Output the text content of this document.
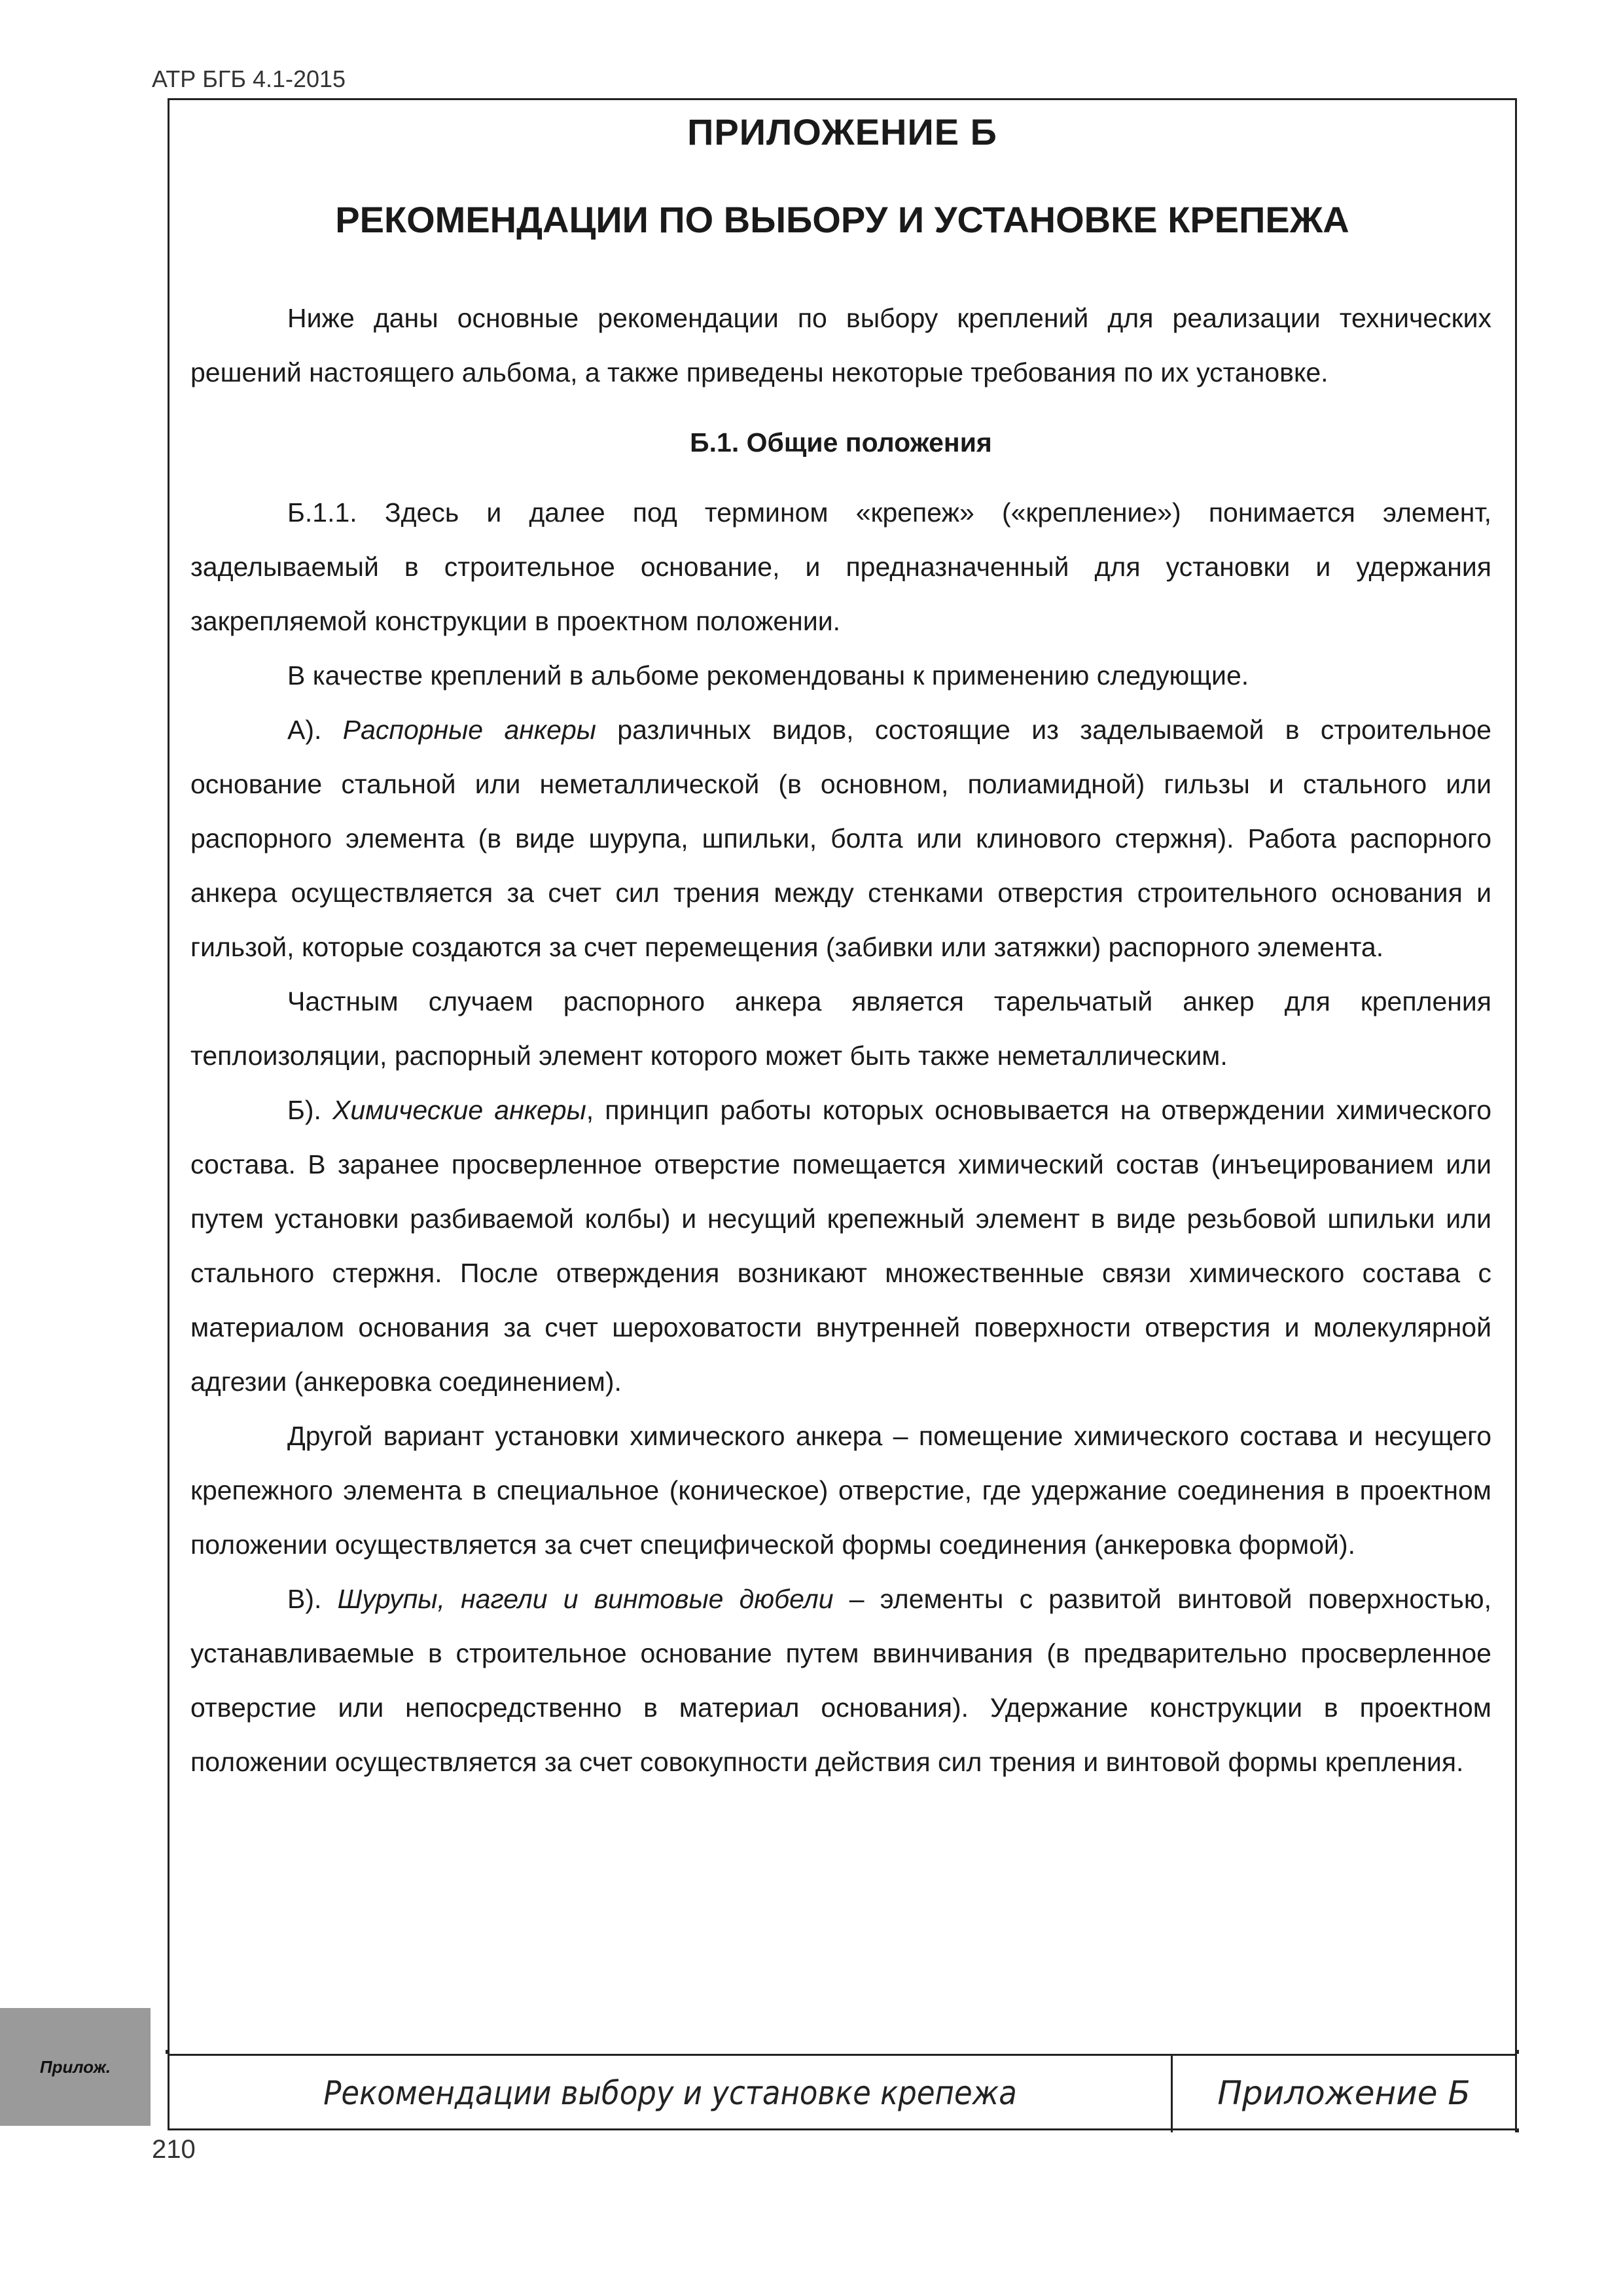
АТР БГБ 4.1-2015
ПРИЛОЖЕНИЕ Б
РЕКОМЕНДАЦИИ ПО ВЫБОРУ И УСТАНОВКЕ КРЕПЕЖА

Ниже даны основные рекомендации по выбору креплений для реализации технических решений настоящего альбома, а также приведены некоторые требования по их установке.

Б.1. Общие положения

Б.1.1. Здесь и далее под термином «крепеж» («крепление») понимается элемент, заделываемый в строительное основание, и предназначенный для установки и удержания закрепляемой конструкции в проектном положении.

В качестве креплений в альбоме рекомендованы к применению следующие.

А). Распорные анкеры различных видов, состоящие из заделываемой в строительное основание стальной или неметаллической (в основном, полиамидной) гильзы и стального или распорного элемента (в виде шурупа, шпильки, болта или клинового стержня). Работа распорного анкера осуществляется за счет сил трения между стенками отверстия строительного основания и гильзой, которые создаются за счет перемещения (забивки или затяжки) распорного элемента.

Частным случаем распорного анкера является тарельчатый анкер для крепления теплоизоляции, распорный элемент которого может быть также неметаллическим.

Б). Химические анкеры, принцип работы которых основывается на отверждении химического состава. В заранее просверленное отверстие помещается химический состав (инъецированием или путем установки разбиваемой колбы) и несущий крепежный элемент в виде резьбовой шпильки или стального стержня. После отверждения возникают множественные связи химического состава с материалом основания за счет шероховатости внутренней поверхности отверстия и молекулярной адгезии (анкеровка соединением).

Другой вариант установки химического анкера – помещение химического состава и несущего крепежного элемента в специальное (коническое) отверстие, где удержание соединения в проектном положении осуществляется за счет специфической формы соединения (анкеровка формой).

В). Шурупы, нагели и винтовые дюбели – элементы с развитой винтовой поверхностью, устанавливаемые в строительное основание путем ввинчивания (в предварительно просверленное отверстие или непосредственно в материал основания). Удержание конструкции в проектном положении осуществляется за счет совокупности действия сил трения и винтовой формы крепления.

Рекомендации выбору и установке крепежа	Приложение Б
Прилож.
210
